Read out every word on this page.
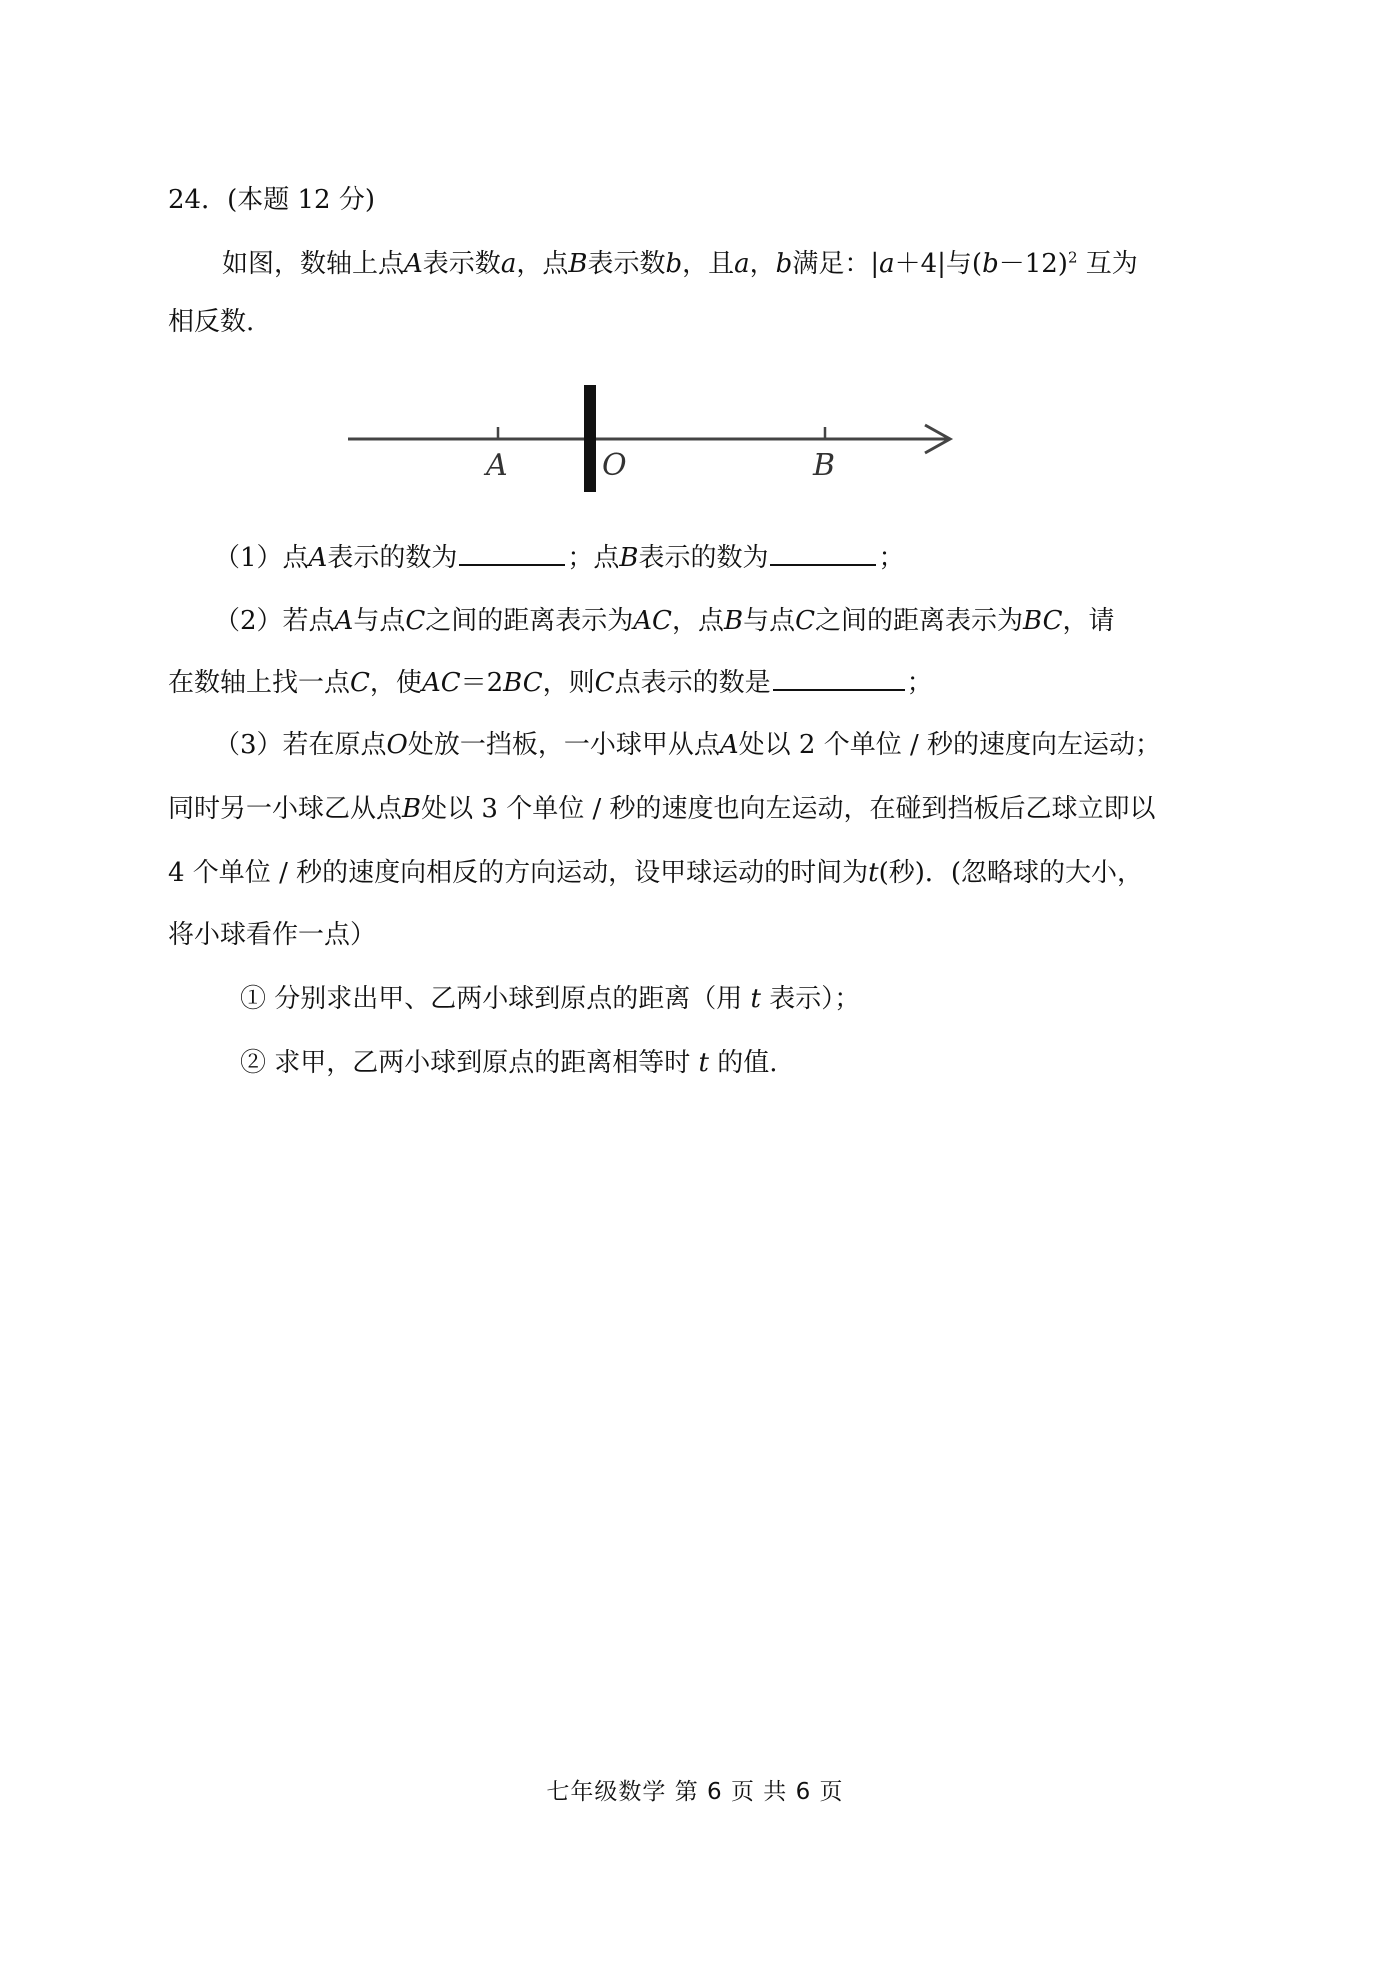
24．(本题 12 分)
如图，数轴上点A表示数a，点B表示数b，且a，b满足：|a＋4|与$(b-12)^2$ 互为
相反数.
A	O	B
（1）点A表示的数为	；点B表示的数为	；
（2）若点A与点C之间的距离表示为AC，点B与点C之间的距离表示为BC，请
在数轴上找一点C，使AC＝2BC，则C点表示的数是	；
（3）若在原点O处放一挡板，一小球甲从点A处以 2 个单位 / 秒的速度向左运动；
同时另一小球乙从点B处以 3 个单位 / 秒的速度也向左运动，在碰到挡板后乙球立即以
4 个单位 / 秒的速度向相反的方向运动，设甲球运动的时间为t(秒)．(忽略球的大小，
将小球看作一点）
① 分别求出甲、乙两小球到原点的距离（用 t 表示）；
② 求甲，乙两小球到原点的距离相等时 t 的值.
七年级数学 第 6 页 共 6 页
